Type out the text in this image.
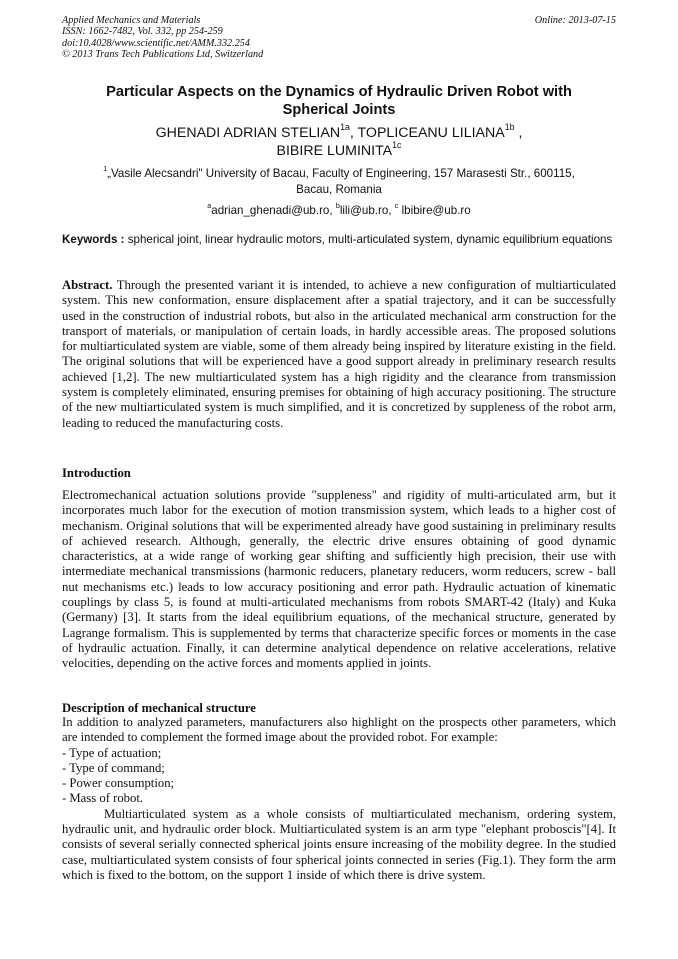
Applied Mechanics and Materials
ISSN: 1662-7482, Vol. 332, pp 254-259
doi:10.4028/www.scientific.net/AMM.332.254
© 2013 Trans Tech Publications Ltd, Switzerland
Online: 2013-07-15
Particular Aspects on the Dynamics of Hydraulic Driven Robot with
Spherical Joints
GHENADI ADRIAN $STELIAN^{1a}$, TOPLICEANU $LILIANA^{1b}$ ,
BIBIRE $LUMINITA^{1c}$
$^1$„Vasile Alecsandri" University of Bacau, Faculty of Engineering, 157 Marasesti Str., 600115,
Bacau, Romania
$^a$adrian_ghenadi@ub.ro, $^b$lili@ub.ro, $^c$ lbibire@ub.ro
Keywords : spherical joint, linear hydraulic motors, multi-articulated system, dynamic equilibrium equations
Abstract. Through the presented variant it is intended, to achieve a new configuration of multiarticulated system. This new conformation, ensure displacement after a spatial trajectory, and it can be successfully used in the construction of industrial robots, but also in the articulated mechanical arm construction for the transport of materials, or manipulation of certain loads, in hardly accessible areas. The proposed solutions for multiarticulated system are viable, some of them already being inspired by literature existing in the field. The original solutions that will be experienced have a good support already in preliminary research results achieved [1,2]. The new multiarticulated system has a high rigidity and the clearance from transmission system is completely eliminated, ensuring premises for obtaining of high accuracy positioning. The structure of the new multiarticulated system is much simplified, and it is concretized by suppleness of the robot arm, leading to reduced the manufacturing costs.
Introduction
Electromechanical actuation solutions provide "suppleness" and rigidity of multi-articulated arm, but it incorporates much labor for the execution of motion transmission system, which leads to a higher cost of mechanism. Original solutions that will be experimented already have good sustaining in preliminary results of achieved research. Although, generally, the electric drive ensures obtaining of good dynamic characteristics, at a wide range of working gear shifting and sufficiently high precision, their use with intermediate mechanical transmissions (harmonic reducers, planetary reducers, worm reducers, screw - ball nut mechanisms etc.) leads to low accuracy positioning and error path. Hydraulic actuation of kinematic couplings by class 5, is found at multi-articulated mechanisms from robots SMART-42 (Italy) and Kuka (Germany) [3]. It starts from the ideal equilibrium equations, of the mechanical structure, generated by Lagrange formalism. This is supplemented by terms that characterize specific forces or moments in the case of hydraulic actuation. Finally, it can determine analytical dependence on relative accelerations, relative velocities, depending on the active forces and moments applied in joints.
Description of mechanical structure

In addition to analyzed parameters, manufacturers also highlight on the prospects other parameters, which are intended to complement the formed image about the provided robot. For example:

- Type of actuation;

- Type of command;

- Power consumption;

- Mass of robot.

Multiarticulated system as a whole consists of multiarticulated mechanism, ordering system, hydraulic unit, and hydraulic order block. Multiarticulated system is an arm type "elephant proboscis"[4]. It consists of several serially connected spherical joints ensure increasing of the mobility degree. In the studied case, multiarticulated system consists of four spherical joints connected in series (Fig.1). They form the arm which is fixed to the bottom, on the support 1 inside of which there is drive system.
